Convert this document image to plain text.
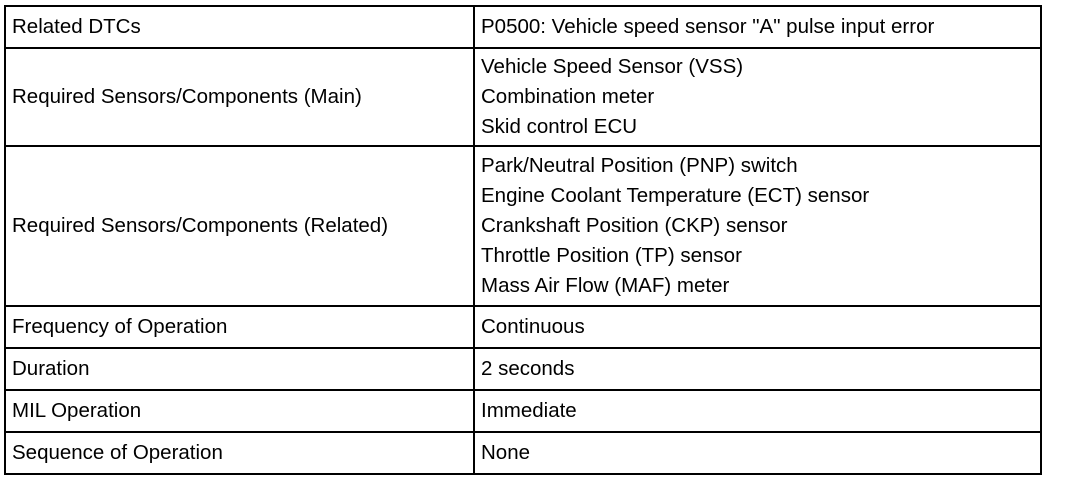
Related DTCs	P0500: Vehicle speed sensor "A" pulse input error

Required Sensors/Components (Main)	Vehicle Speed Sensor (VSS)
Combination meter
Skid control ECU

Required Sensors/Components (Related)	Park/Neutral Position (PNP) switch
Engine Coolant Temperature (ECT) sensor
Crankshaft Position (CKP) sensor
Throttle Position (TP) sensor
Mass Air Flow (MAF) meter

Frequency of Operation	Continuous

Duration	2 seconds

MIL Operation	Immediate

Sequence of Operation	None
